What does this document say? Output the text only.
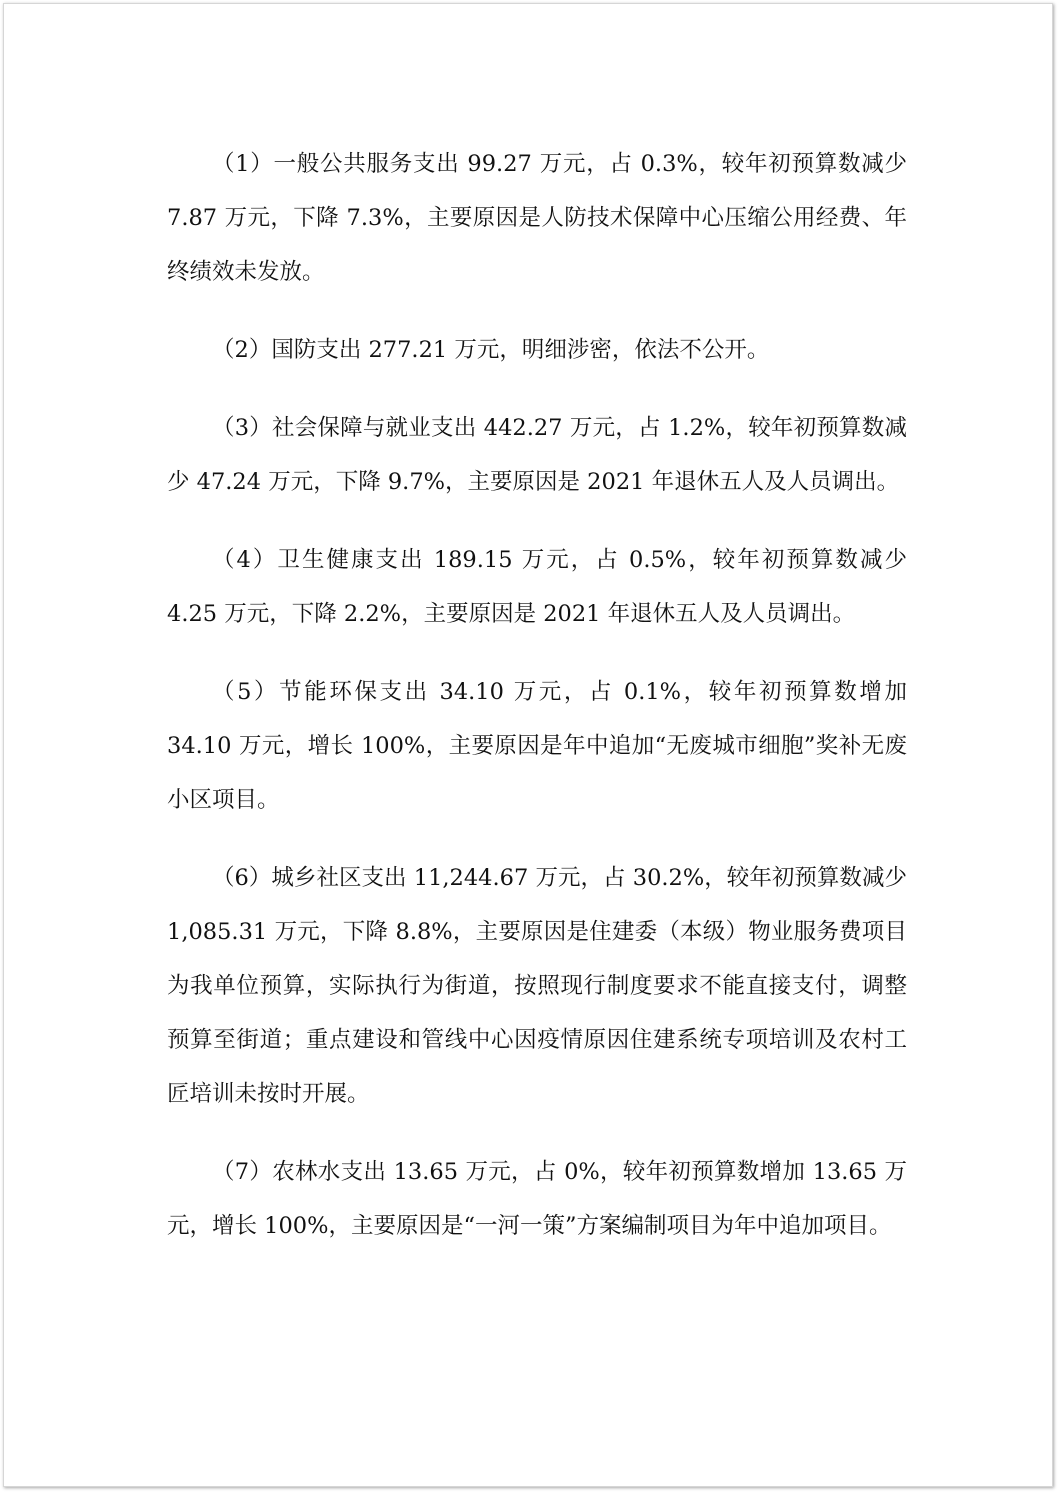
（1）一般公共服务支出 99.27 万元，占 0.3%，较年初预算数减少 7.87 万元，下降 7.3%，主要原因是人防技术保障中心压缩公用经费、年终绩效未发放。

（2）国防支出 277.21 万元，明细涉密，依法不公开。

（3）社会保障与就业支出 442.27 万元，占 1.2%，较年初预算数减少 47.24 万元，下降 9.7%，主要原因是 2021 年退休五人及人员调出。

（4）卫生健康支出 189.15 万元，占 0.5%，较年初预算数减少 4.25 万元，下降 2.2%，主要原因是 2021 年退休五人及人员调出。

（5）节能环保支出 34.10 万元，占 0.1%，较年初预算数增加 34.10 万元，增长 100%，主要原因是年中追加“无废城市细胞”奖补无废小区项目。

（6）城乡社区支出 11,244.67 万元，占 30.2%，较年初预算数减少 1,085.31 万元，下降 8.8%，主要原因是住建委（本级）物业服务费项目为我单位预算，实际执行为街道，按照现行制度要求不能直接支付，调整预算至街道；重点建设和管线中心因疫情原因住建系统专项培训及农村工匠培训未按时开展。

（7）农林水支出 13.65 万元，占 0%，较年初预算数增加 13.65 万元，增长 100%，主要原因是“一河一策”方案编制项目为年中追加项目。
